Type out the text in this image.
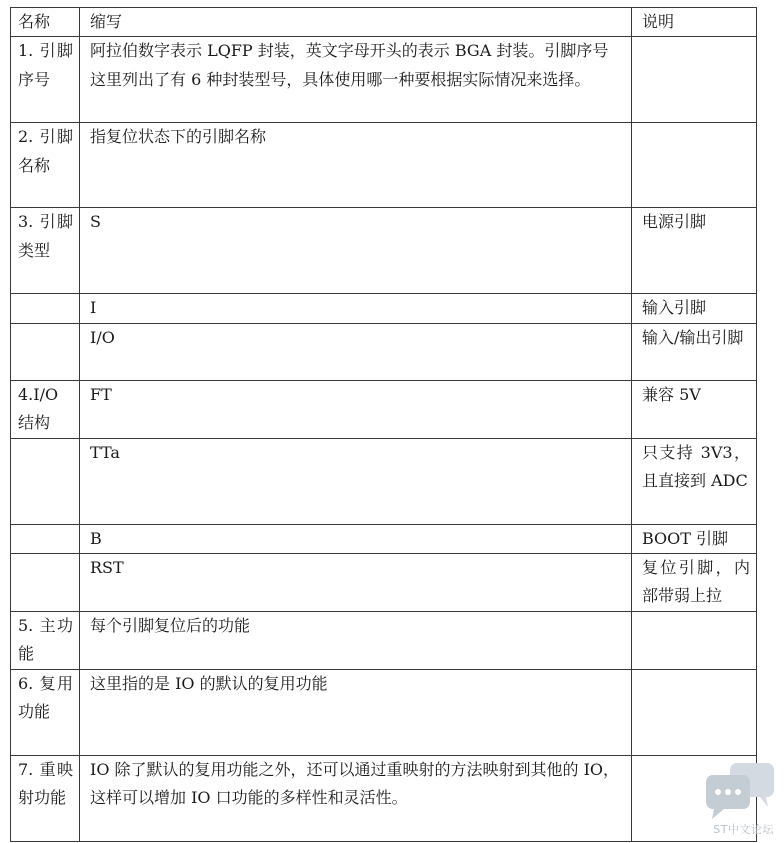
名称	缩写	说明
1. 引脚序号	阿拉伯数字表示 LQFP 封装，英文字母开头的表示 BGA 封装。引脚序号这里列出了有 6 种封装型号，具体使用哪一种要根据实际情况来选择。	
2. 引脚名称	指复位状态下的引脚名称	
3. 引脚类型	S	电源引脚
	I	输入引脚
	I/O	输入/输出引脚
4.I/O 结构	FT	兼容 5V
	TTa	只支持 3V3，且直接到 ADC
	B	BOOT 引脚
	RST	复位引脚，内部带弱上拉
5. 主功能	每个引脚复位后的功能	
6. 复用功能	这里指的是 IO 的默认的复用功能	
7. 重映射功能	IO 除了默认的复用功能之外，还可以通过重映射的方法映射到其他的 IO，这样可以增加 IO 口功能的多样性和灵活性。	
ST中文论坛
